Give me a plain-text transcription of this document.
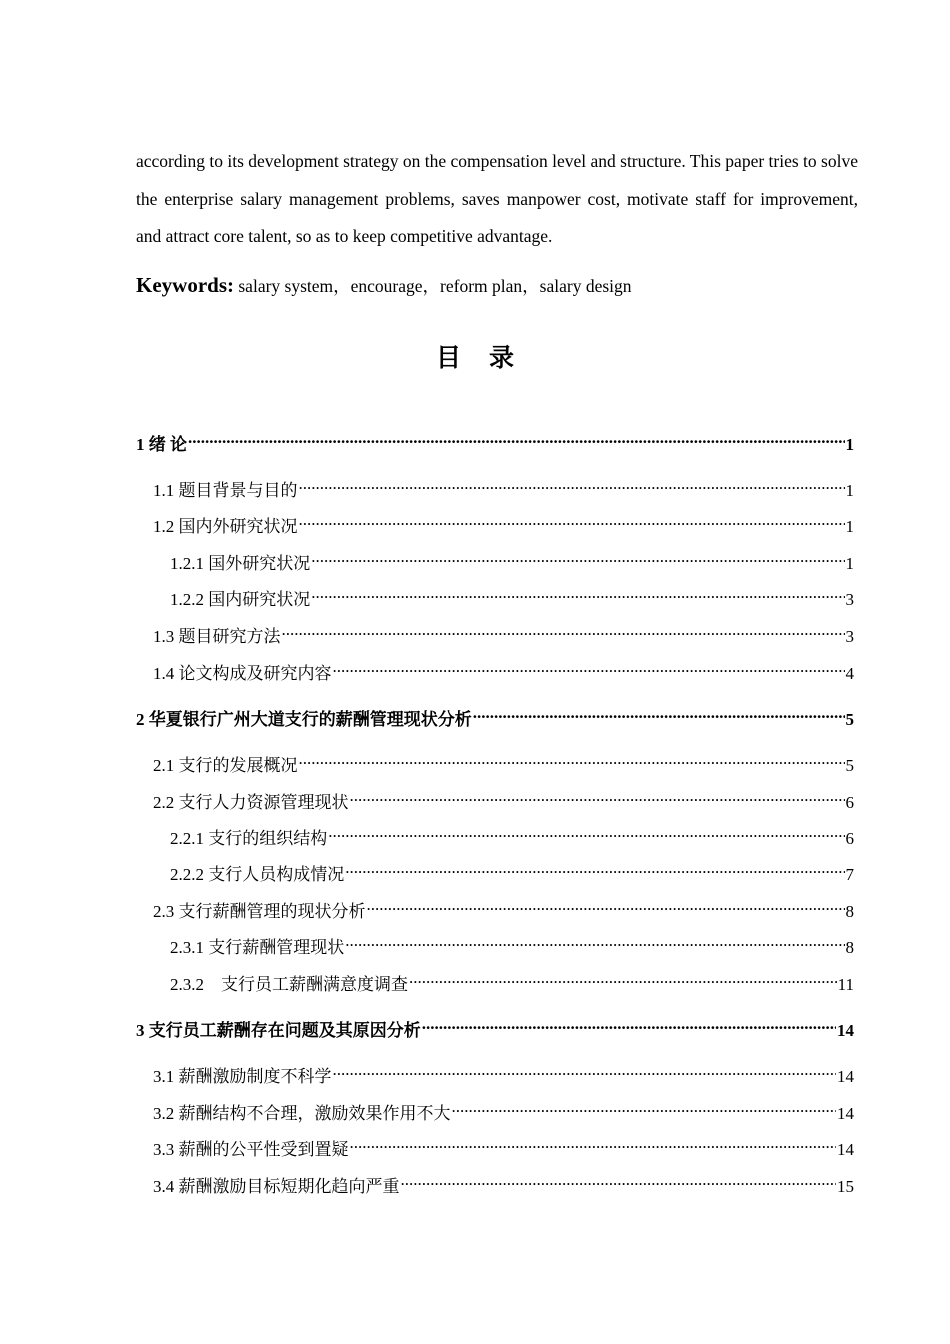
according to its development strategy on the compensation level and structure. This paper tries to solve the enterprise salary management problems, saves manpower cost, motivate staff for improvement, and attract core talent, so as to keep competitive advantage.

Keywords: salary system，encourage，reform plan，salary design
目录
1 绪 论 .....	1
1.1 题目背景与目的 .....	1
1.2 国内外研究状况 .....	1
1.2.1 国外研究状况 .....	1
1.2.2 国内研究状况 .....	3
1.3 题目研究方法 .....	3
1.4 论文构成及研究内容 .....	4
2 华夏银行广州大道支行的薪酬管理现状分析 .....	5
2.1 支行的发展概况 .....	5
2.2 支行人力资源管理现状 .....	6
2.2.1 支行的组织结构 .....	6
2.2.2 支行人员构成情况 .....	7
2.3 支行薪酬管理的现状分析 .....	8
2.3.1 支行薪酬管理现状 .....	8
2.3.2    支行员工薪酬满意度调查 .....	11
3 支行员工薪酬存在问题及其原因分析 .....	14
3.1 薪酬激励制度不科学 .....	14
3.2 薪酬结构不合理，激励效果作用不大 .....	14
3.3 薪酬的公平性受到置疑 .....	14
3.4 薪酬激励目标短期化趋向严重 .....	15
